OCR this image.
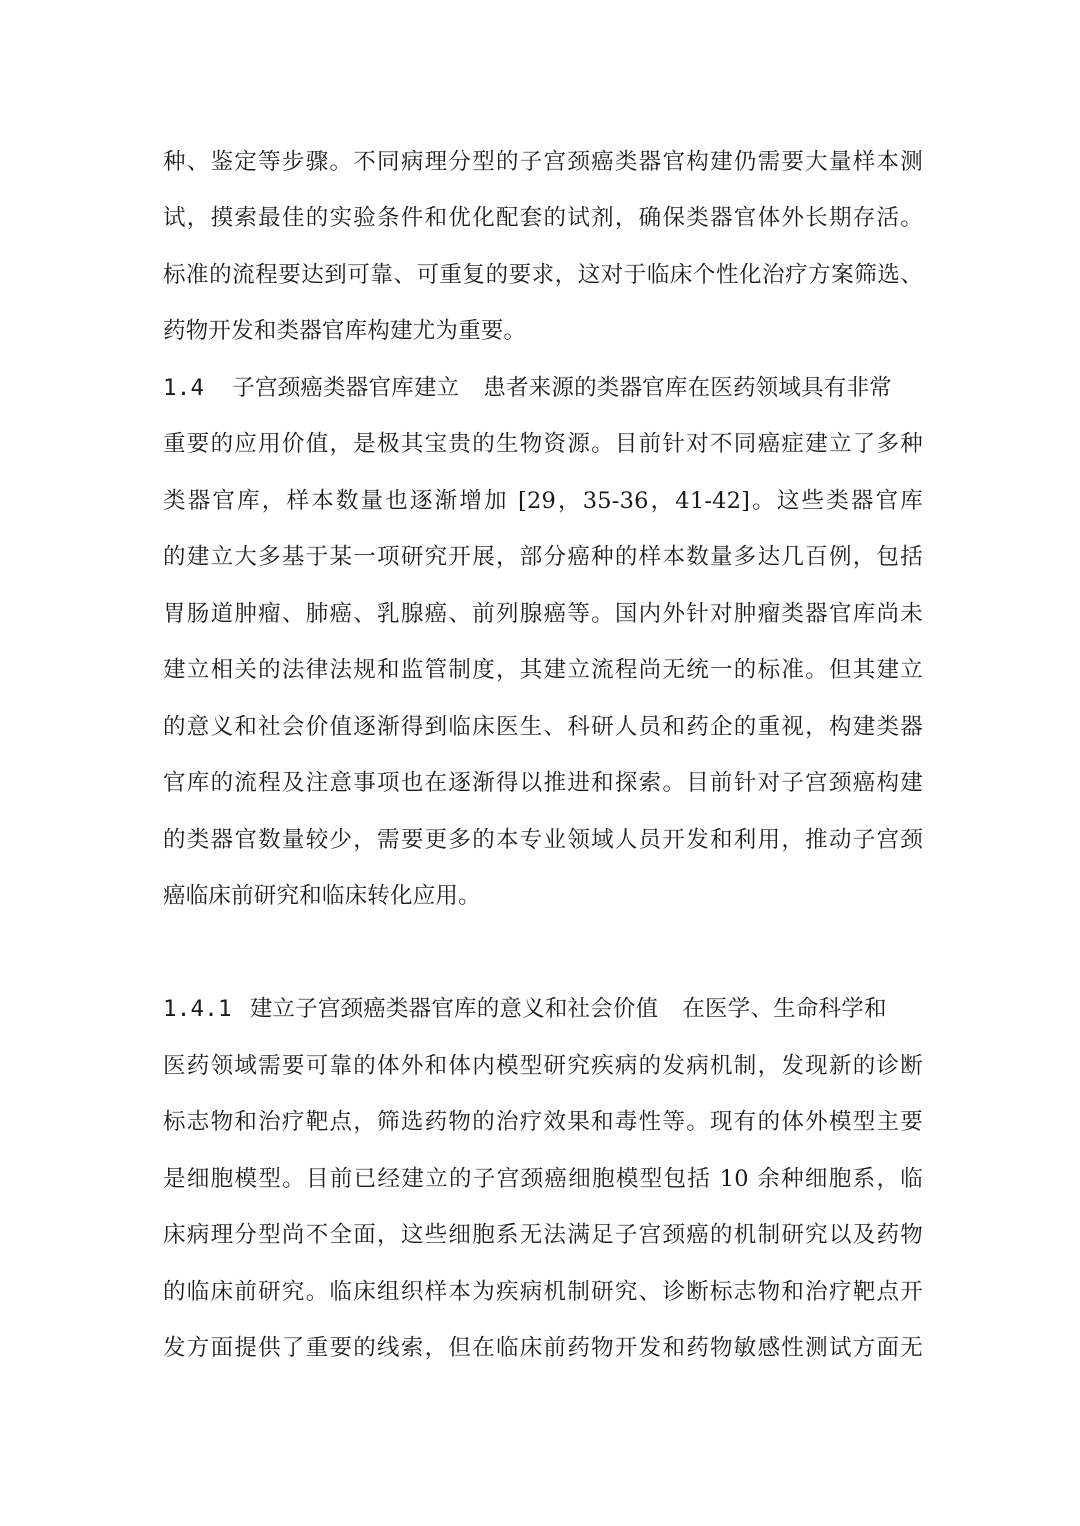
种、鉴定等步骤。不同病理分型的子宫颈癌类器官构建仍需要大量样本测
试，摸索最佳的实验条件和优化配套的试剂，确保类器官体外长期存活。
标准的流程要达到可靠、可重复的要求，这对于临床个性化治疗方案筛选、
药物开发和类器官库构建尤为重要。
1.4 子宫颈癌类器官库建立 患者来源的类器官库在医药领域具有非常
重要的应用价值，是极其宝贵的生物资源。目前针对不同癌症建立了多种
类器官库，样本数量也逐渐增加 [29，35-36，41-42]。这些类器官库
的建立大多基于某一项研究开展，部分癌种的样本数量多达几百例，包括
胃肠道肿瘤、肺癌、乳腺癌、前列腺癌等。国内外针对肿瘤类器官库尚未
建立相关的法律法规和监管制度，其建立流程尚无统一的标准。但其建立
的意义和社会价值逐渐得到临床医生、科研人员和药企的重视，构建类器
官库的流程及注意事项也在逐渐得以推进和探索。目前针对子宫颈癌构建
的类器官数量较少，需要更多的本专业领域人员开发和利用，推动子宫颈
癌临床前研究和临床转化应用。
1.4.1 建立子宫颈癌类器官库的意义和社会价值 在医学、生命科学和
医药领域需要可靠的体外和体内模型研究疾病的发病机制，发现新的诊断
标志物和治疗靶点，筛选药物的治疗效果和毒性等。现有的体外模型主要
是细胞模型。目前已经建立的子宫颈癌细胞模型包括 10 余种细胞系，临
床病理分型尚不全面，这些细胞系无法满足子宫颈癌的机制研究以及药物
的临床前研究。临床组织样本为疾病机制研究、诊断标志物和治疗靶点开
发方面提供了重要的线索，但在临床前药物开发和药物敏感性测试方面无
